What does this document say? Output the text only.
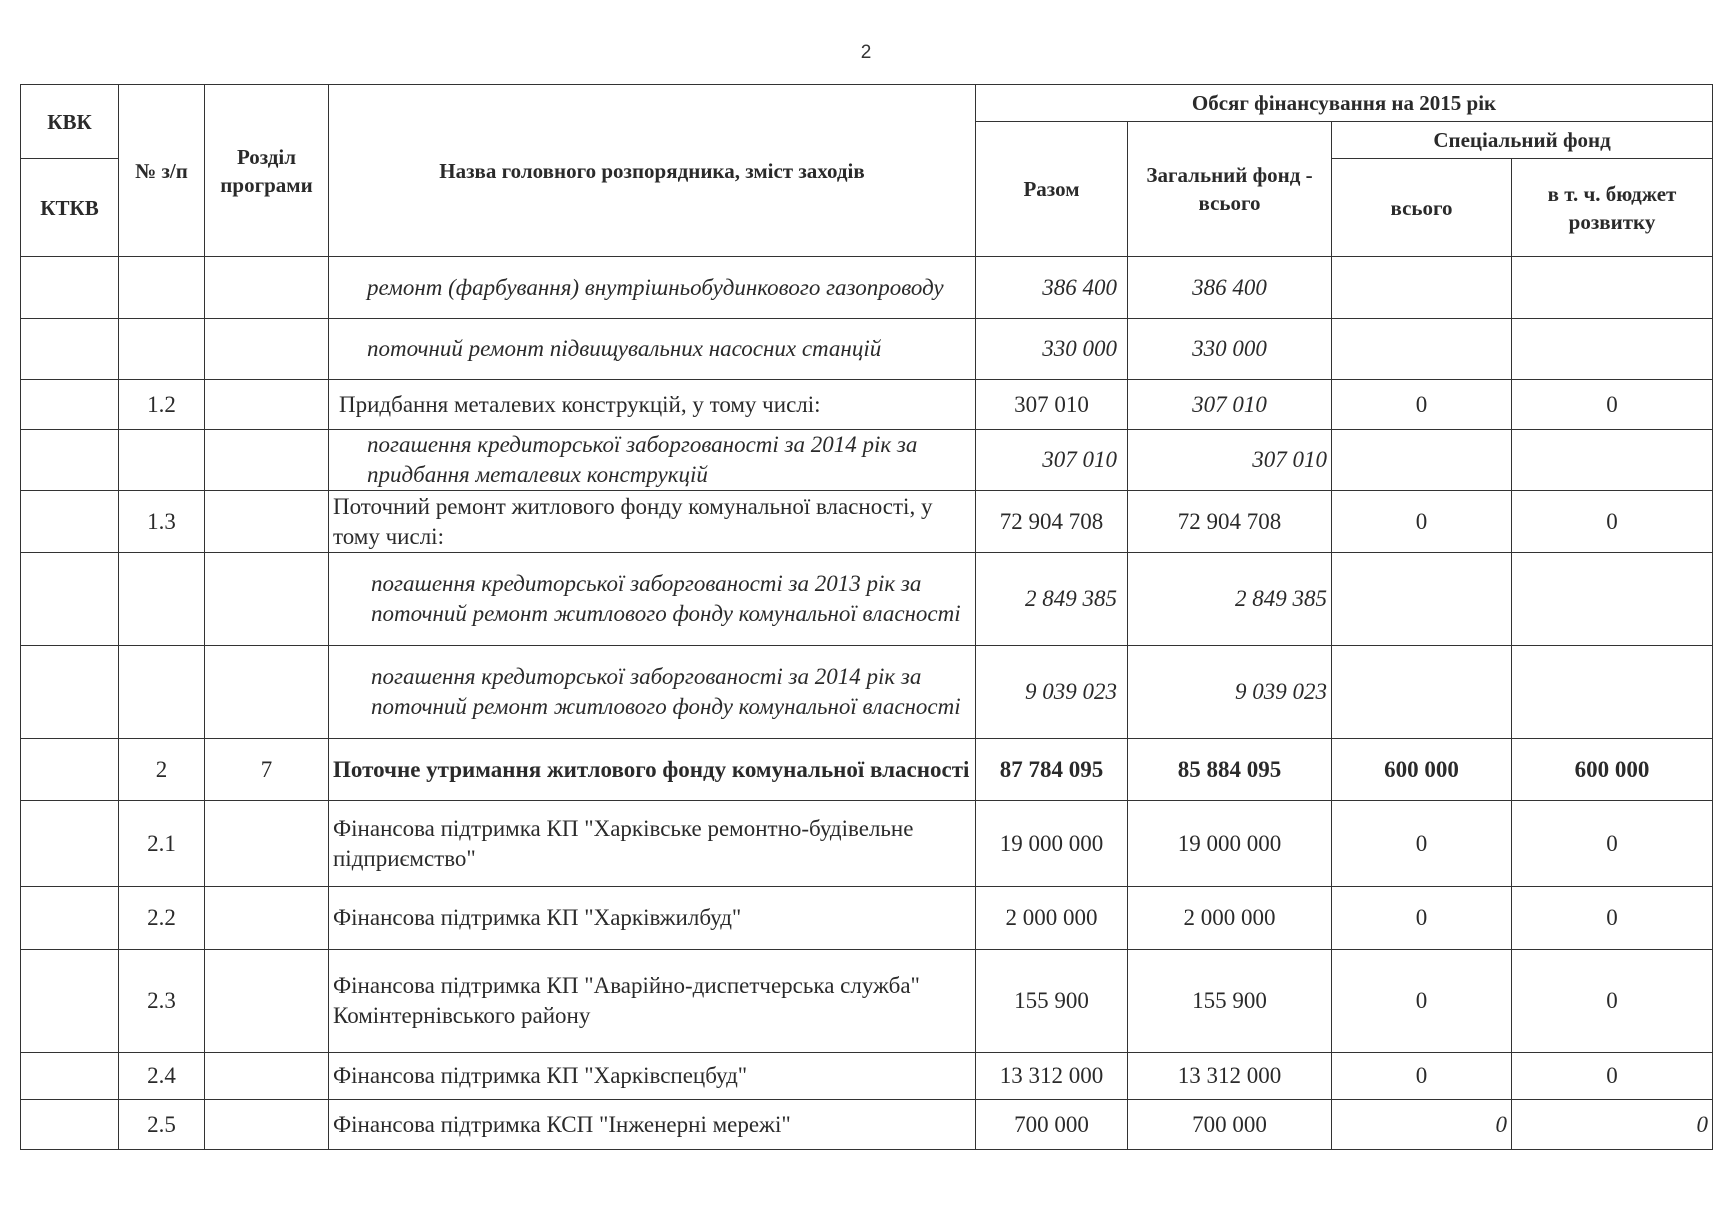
2
КВК	№ з/п	Розділ програми	Назва головного розпорядника, зміст заходів	Обсяг фінансування на 2015 рік			
				Разом	Загальний фонд - всього	Спеціальний фонд	
КТКВ						всього	в т. ч. бюджет розвитку

			ремонт (фарбування) внутрішньобудинкового газопроводу	386 400	386 400		
			поточний ремонт підвищувальних насосних станцій	330 000	330 000		
	1.2		Придбання металевих конструкцій, у тому числі:	307 010	307 010	0	0
			погашення кредиторської заборгованості за 2014 рік за придбання металевих конструкцій	307 010	307 010		
	1.3		Поточний ремонт житлового фонду комунальної власності, у тому числі:	72 904 708	72 904 708	0	0
			погашення кредиторської заборгованості за 2013 рік за поточний ремонт житлового фонду комунальної власності	2 849 385	2 849 385		
			погашення кредиторської заборгованості за 2014 рік за поточний ремонт житлового фонду комунальної власності	9 039 023	9 039 023		
	2	7	Поточне утримання житлового фонду комунальної власності	87 784 095	85 884 095	600 000	600 000
	2.1		Фінансова підтримка КП "Харківське ремонтно-будівельне підприємство"	19 000 000	19 000 000	0	0
	2.2		Фінансова підтримка КП "Харківжилбуд"	2 000 000	2 000 000	0	0
	2.3		Фінансова підтримка КП "Аварійно-диспетчерська служба" Комінтернівського району	155 900	155 900	0	0
	2.4		Фінансова підтримка КП "Харківспецбуд"	13 312 000	13 312 000	0	0
	2.5		Фінансова підтримка КСП "Інженерні мережі"	700 000	700 000	0	0
